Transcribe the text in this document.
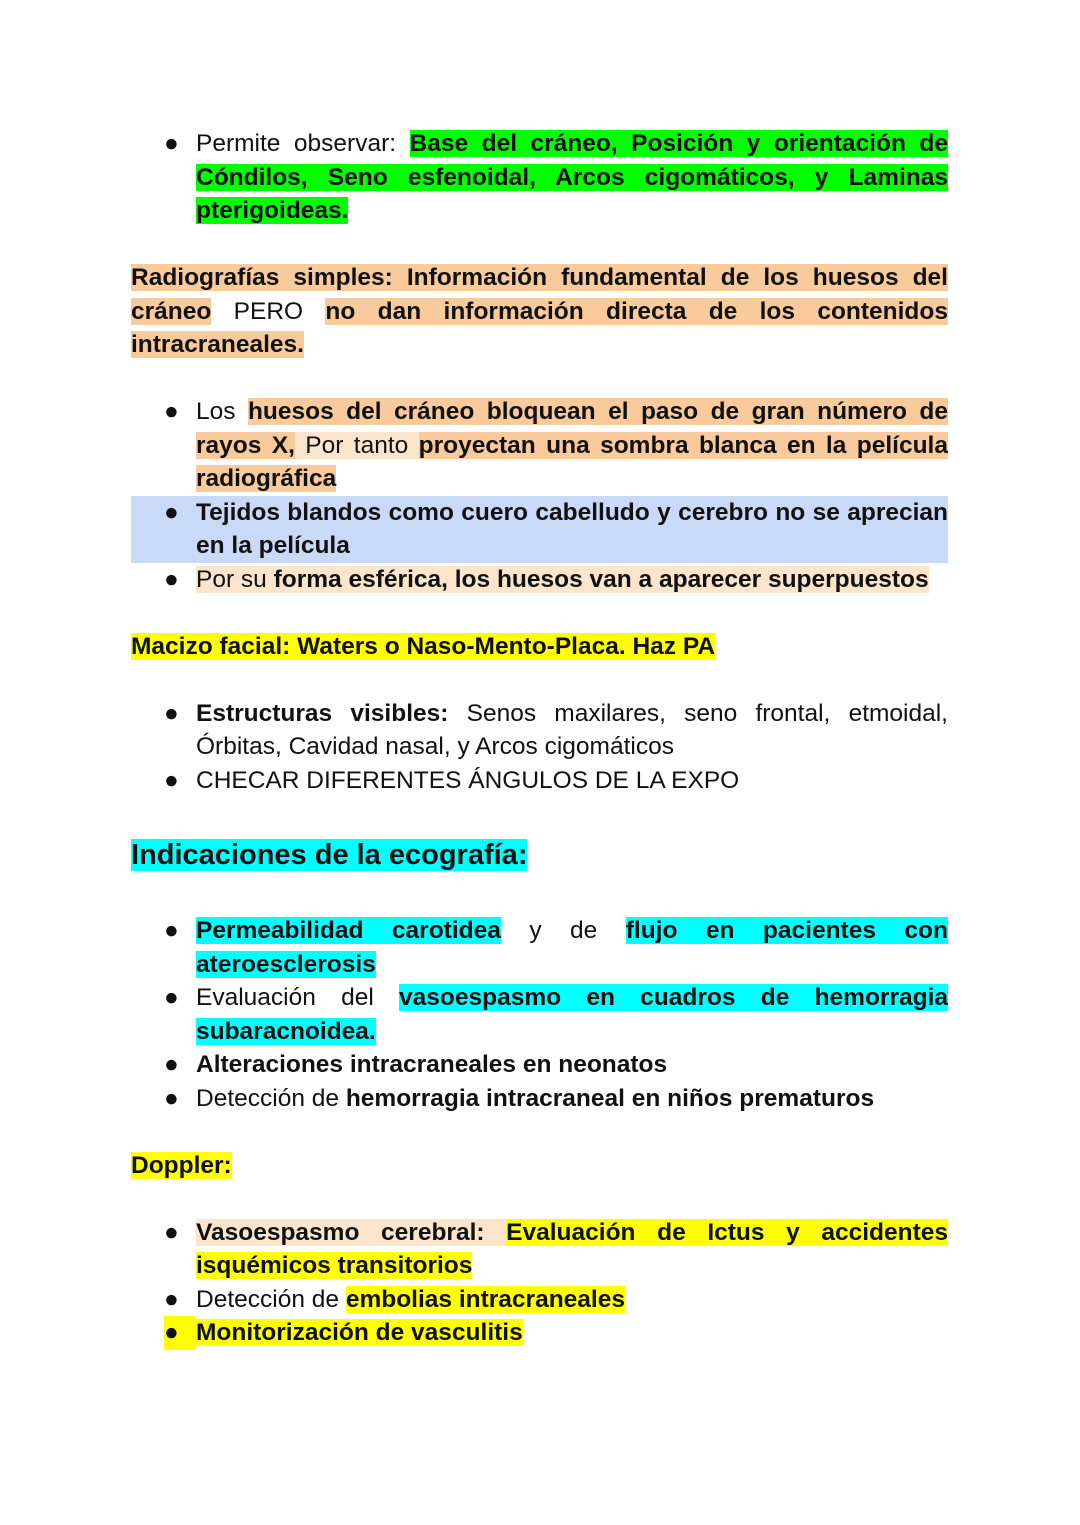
● Permite observar: Base del cráneo, Posición y orientación de Cóndilos, Seno esfenoidal, Arcos cigomáticos, y Laminas pterigoideas.

Radiografías simples: Información fundamental de los huesos del cráneo PERO no dan información directa de los contenidos intracraneales.

● Los huesos del cráneo bloquean el paso de gran número de rayos X, Por tanto proyectan una sombra blanca en la película radiográfica
● Tejidos blandos como cuero cabelludo y cerebro no se aprecian en la película
● Por su forma esférica, los huesos van a aparecer superpuestos

Macizo facial: Waters o Naso-Mento-Placa. Haz PA

● Estructuras visibles: Senos maxilares, seno frontal, etmoidal, Órbitas, Cavidad nasal, y Arcos cigomáticos
● CHECAR DIFERENTES ÁNGULOS DE LA EXPO
Indicaciones de la ecografía:
● Permeabilidad carotidea y de flujo en pacientes con ateroesclerosis
● Evaluación del vasoespasmo en cuadros de hemorragia subaracnoidea.
● Alteraciones intracraneales en neonatos
● Detección de hemorragia intracraneal en niños prematuros

Doppler:

● Vasoespasmo cerebral: Evaluación de Ictus y accidentes isquémicos transitorios
● Detección de embolias intracraneales
● Monitorización de vasculitis
